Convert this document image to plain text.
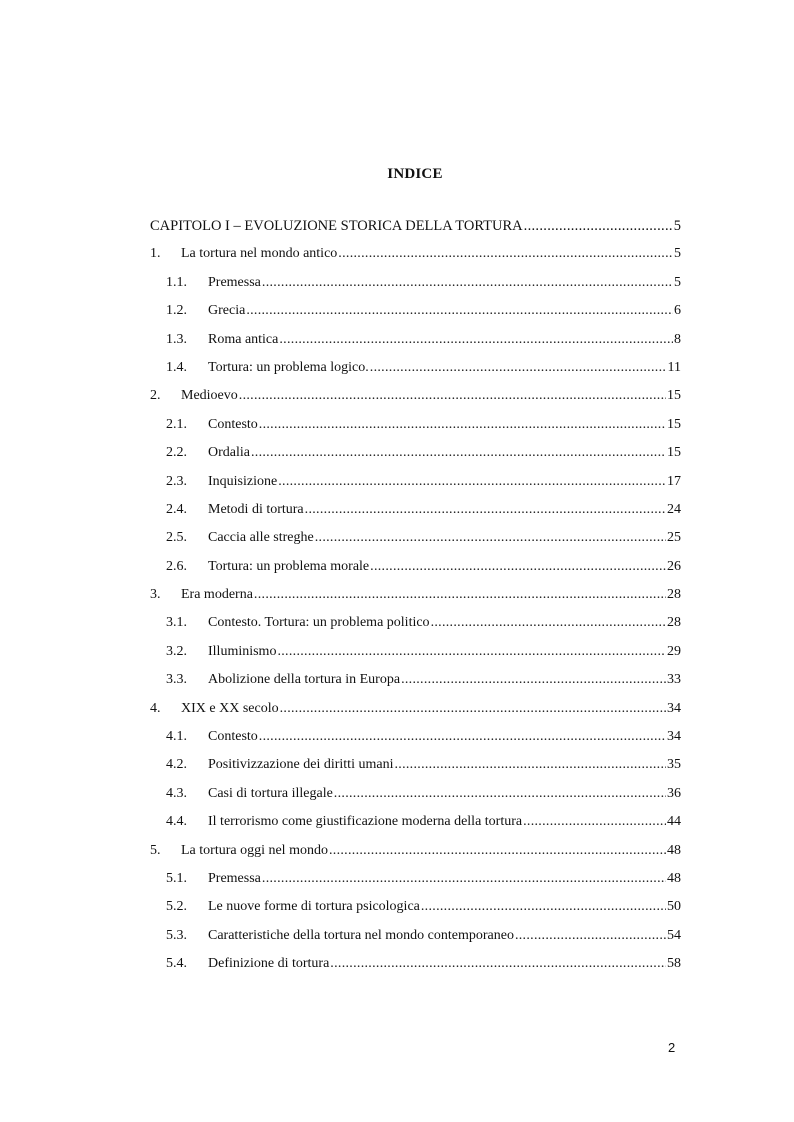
INDICE
CAPITOLO I – EVOLUZIONE STORICA DELLA TORTURA .....	5
1.	La tortura nel mondo antico .....	5
1.1.	Premessa .....	5
1.2.	Grecia .....	6
1.3.	Roma antica .....	8
1.4.	Tortura: un problema logico. .....	11
2.	Medioevo .....	15
2.1.	Contesto .....	15
2.2.	Ordalia .....	15
2.3.	Inquisizione .....	17
2.4.	Metodi di tortura .....	24
2.5.	Caccia alle streghe .....	25
2.6.	Tortura: un problema morale .....	26
3.	Era moderna .....	28
3.1.	Contesto. Tortura: un problema politico .....	28
3.2.	Illuminismo .....	29
3.3.	Abolizione della tortura in Europa .....	33
4.	XIX e XX secolo .....	34
4.1.	Contesto .....	34
4.2.	Positivizzazione dei diritti umani .....	35
4.3.	Casi di tortura illegale .....	36
4.4.	Il terrorismo come giustificazione moderna della tortura .....	44
5.	La tortura oggi nel mondo .....	48
5.1.	Premessa .....	48
5.2.	Le nuove forme di tortura psicologica .....	50
5.3.	Caratteristiche della tortura nel mondo contemporaneo .....	54
5.4.	Definizione di tortura .....	58
2
